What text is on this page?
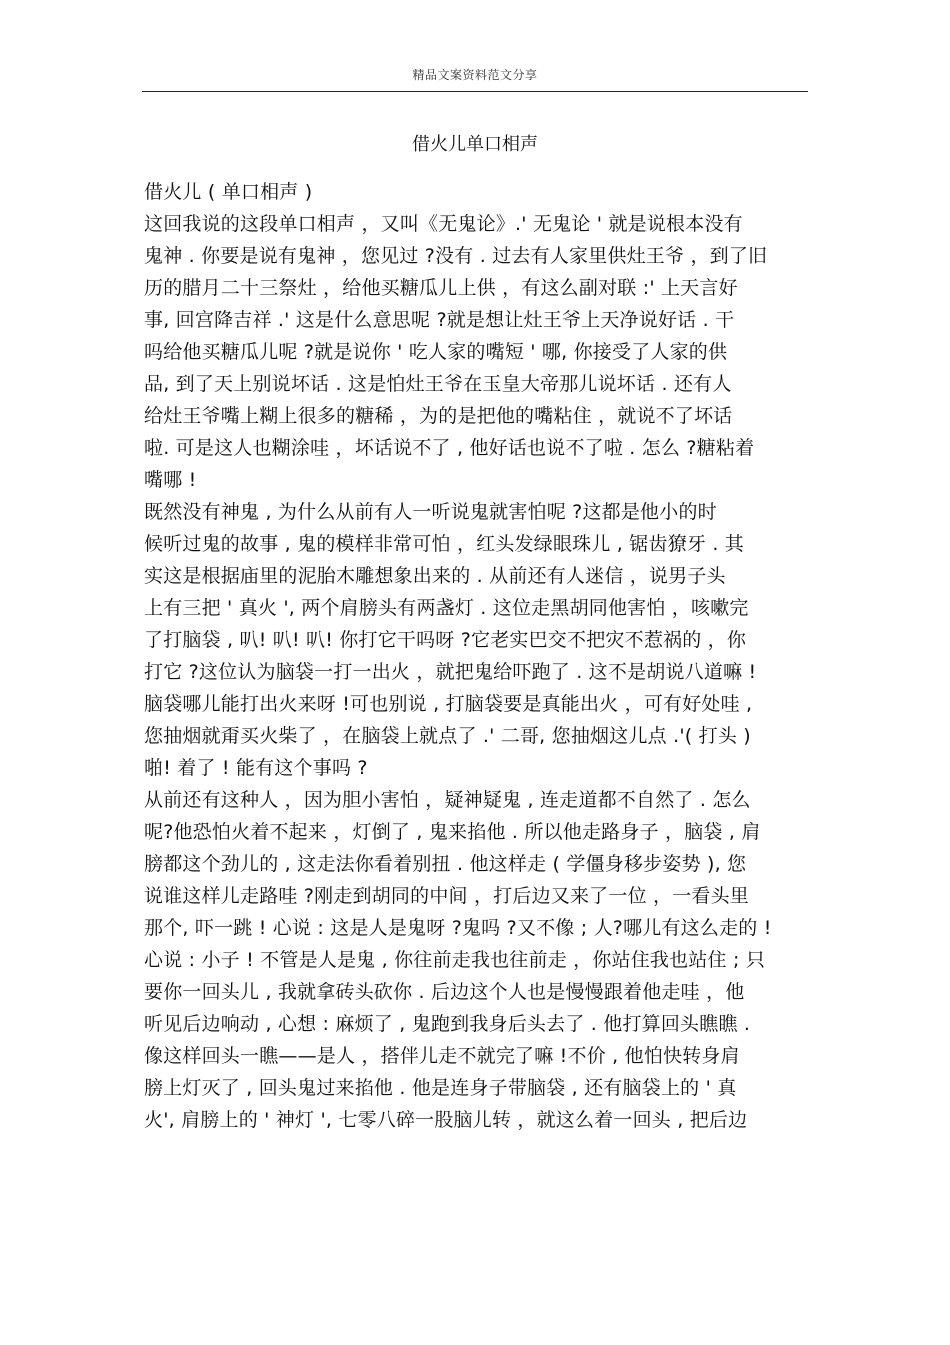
精品文案资料范文分享
借火儿单口相声
借火儿 ( 单口相声 )
这回我说的这段单口相声 ，又叫《无鬼论》.' 无鬼论 ' 就是说根本没有
鬼神 . 你要是说有鬼神 ，您见过 ?没有 . 过去有人家里供灶王爷 ，到了旧
历的腊月二十三祭灶 ，给他买糖瓜儿上供 ，有这么副对联 :' 上天言好
事, 回宫降吉祥 .' 这是什么意思呢 ?就是想让灶王爷上天净说好话 . 干
吗给他买糖瓜儿呢 ?就是说你 ' 吃人家的嘴短 ' 哪, 你接受了人家的供
品, 到了天上别说坏话 . 这是怕灶王爷在玉皇大帝那儿说坏话 . 还有人
给灶王爷嘴上糊上很多的糖稀 ，为的是把他的嘴粘住 ，就说不了坏话
啦. 可是这人也糊涂哇 ，坏话说不了 , 他好话也说不了啦 . 怎么 ?糖粘着
嘴哪 !
既然没有神鬼 , 为什么从前有人一听说鬼就害怕呢 ?这都是他小的时
候听过鬼的故事 , 鬼的模样非常可怕 ，红头发绿眼珠儿 , 锯齿獠牙 . 其
实这是根据庙里的泥胎木雕想象出来的 . 从前还有人迷信 ，说男子头
上有三把 ' 真火 ', 两个肩膀头有两盏灯 . 这位走黑胡同他害怕 ，咳嗽完
了打脑袋 , 叭! 叭! 叭! 你打它干吗呀 ?它老实巴交不把灾不惹祸的 ，你
打它 ?这位认为脑袋一打一出火 ，就把鬼给吓跑了 . 这不是胡说八道嘛 !
脑袋哪儿能打出火来呀 !可也别说 , 打脑袋要是真能出火 ，可有好处哇 ,
您抽烟就甭买火柴了 ，在脑袋上就点了 .' 二哥, 您抽烟这儿点 .'( 打头 )
啪! 着了 ! 能有这个事吗 ?
从前还有这种人 ，因为胆小害怕 ，疑神疑鬼 , 连走道都不自然了 . 怎么
呢?他恐怕火着不起来 ，灯倒了 , 鬼来掐他 . 所以他走路身子 ，脑袋 , 肩
膀都这个劲儿的 , 这走法你看着别扭 . 他这样走 ( 学僵身移步姿势 ), 您
说谁这样儿走路哇 ?刚走到胡同的中间 ，打后边又来了一位 ，一看头里
那个, 吓一跳 ! 心说 : 这是人是鬼呀 ?鬼吗 ?又不像 ; 人?哪儿有这么走的 !
心说 : 小子 ! 不管是人是鬼 , 你往前走我也往前走 ，你站住我也站住 ; 只
要你一回头儿 , 我就拿砖头砍你 . 后边这个人也是慢慢跟着他走哇 ，他
听见后边响动 , 心想 : 麻烦了 , 鬼跑到我身后头去了 . 他打算回头瞧瞧 .
像这样回头一瞧——是人 ，搭伴儿走不就完了嘛 !不价 , 他怕快转身肩
膀上灯灭了 , 回头鬼过来掐他 . 他是连身子带脑袋 , 还有脑袋上的 ' 真
火', 肩膀上的 ' 神灯 ', 七零八碎一股脑儿转 ，就这么着一回头 , 把后边
